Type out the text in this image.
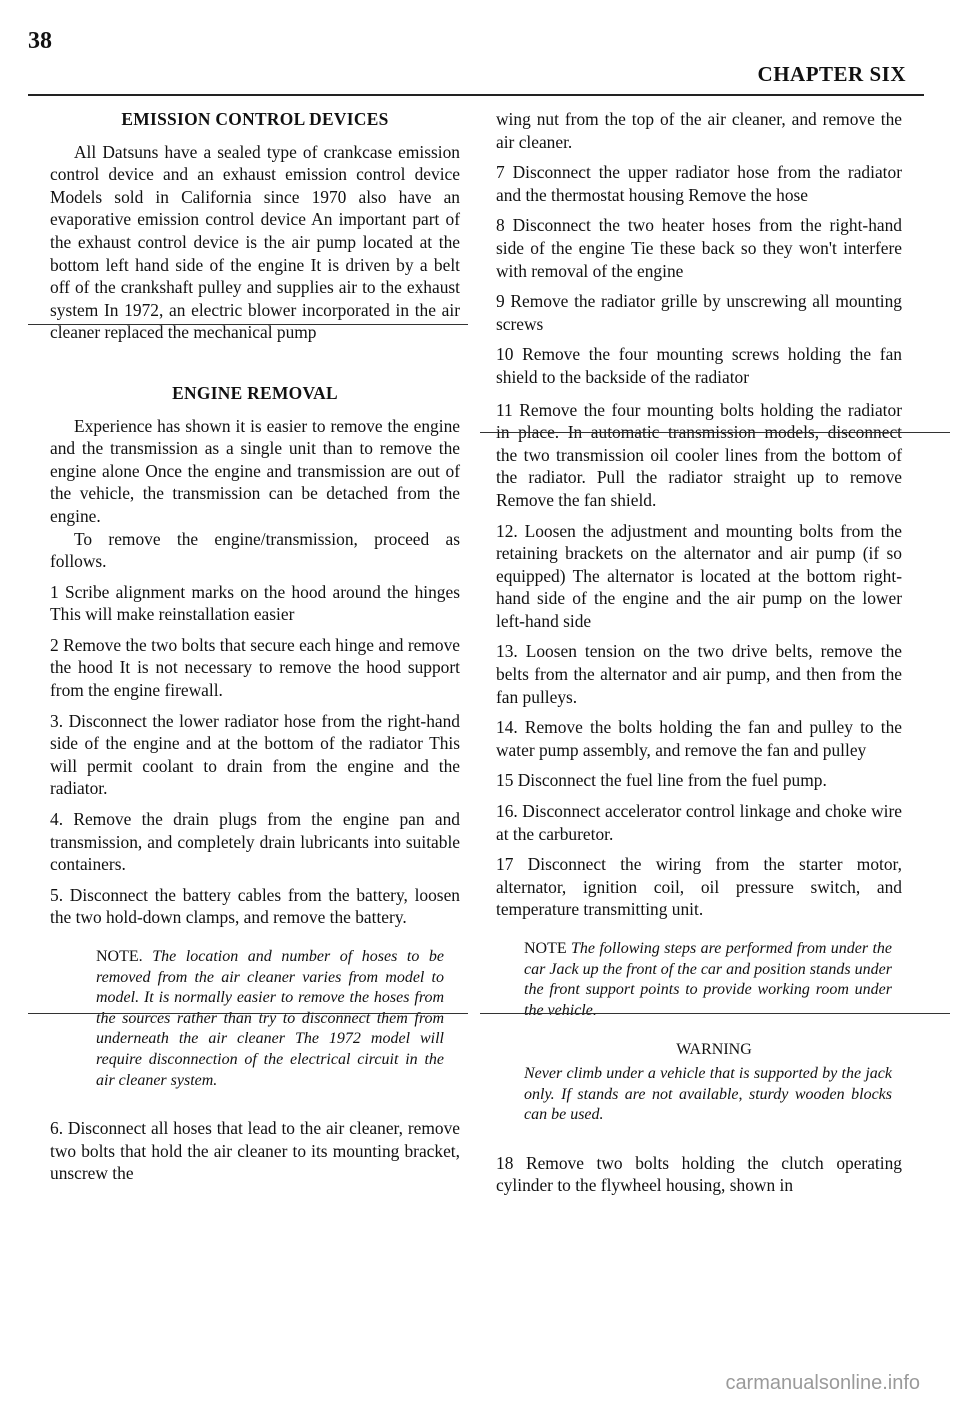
38
CHAPTER SIX
EMISSION CONTROL DEVICES

All Datsuns have a sealed type of crankcase emission control device and an exhaust emission control device Models sold in California since 1970 also have an evaporative emission control device An important part of the exhaust control device is the air pump located at the bottom left hand side of the engine It is driven by a belt off of the crankshaft pulley and supplies air to the exhaust system In 1972, an electric blower incorporated in the air cleaner replaced the mechanical pump

ENGINE REMOVAL

Experience has shown it is easier to remove the engine and the transmission as a single unit than to remove the engine alone Once the engine and transmission are out of the vehicle, the transmission can be detached from the engine.

To remove the engine/transmission, proceed as follows.

1 Scribe alignment marks on the hood around the hinges This will make reinstallation easier

2 Remove the two bolts that secure each hinge and remove the hood It is not necessary to remove the hood support from the engine firewall.

3. Disconnect the lower radiator hose from the right-hand side of the engine and at the bottom of the radiator This will permit coolant to drain from the engine and the radiator.

4. Remove the drain plugs from the engine pan and transmission, and completely drain lubricants into suitable containers.

5. Disconnect the battery cables from the battery, loosen the two hold-down clamps, and remove the battery.

NOTE. The location and number of hoses to be removed from the air cleaner varies from model to model. It is normally easier to remove the hoses from the sources rather than try to disconnect them from underneath the air cleaner The 1972 model will require disconnection of the electrical circuit in the air cleaner system.

6. Disconnect all hoses that lead to the air cleaner, remove two bolts that hold the air cleaner to its mounting bracket, unscrew the

wing nut from the top of the air cleaner, and remove the air cleaner.

7 Disconnect the upper radiator hose from the radiator and the thermostat housing Remove the hose

8 Disconnect the two heater hoses from the right-hand side of the engine Tie these back so they won't interfere with removal of the engine

9 Remove the radiator grille by unscrewing all mounting screws

10 Remove the four mounting screws holding the fan shield to the backside of the radiator

11 Remove the four mounting bolts holding the radiator in place. In automatic transmission models, disconnect the two transmission oil cooler lines from the bottom of the radiator. Pull the radiator straight up to remove Remove the fan shield.

12. Loosen the adjustment and mounting bolts from the retaining brackets on the alternator and air pump (if so equipped) The alternator is located at the bottom right-hand side of the engine and the air pump on the lower left-hand side

13. Loosen tension on the two drive belts, remove the belts from the alternator and air pump, and then from the fan pulleys.

14. Remove the bolts holding the fan and pulley to the water pump assembly, and remove the fan and pulley

15 Disconnect the fuel line from the fuel pump.

16. Disconnect accelerator control linkage and choke wire at the carburetor.

17 Disconnect the wiring from the starter motor, alternator, ignition coil, oil pressure switch, and temperature transmitting unit.

NOTE The following steps are performed from under the car Jack up the front of the car and position stands under the front support points to provide working room under the vehicle.
WARNING
Never climb under a vehicle that is supported by the jack only. If stands are not available, sturdy wooden blocks can be used.

18 Remove two bolts holding the clutch operating cylinder to the flywheel housing, shown in

carmanualsonline.info
